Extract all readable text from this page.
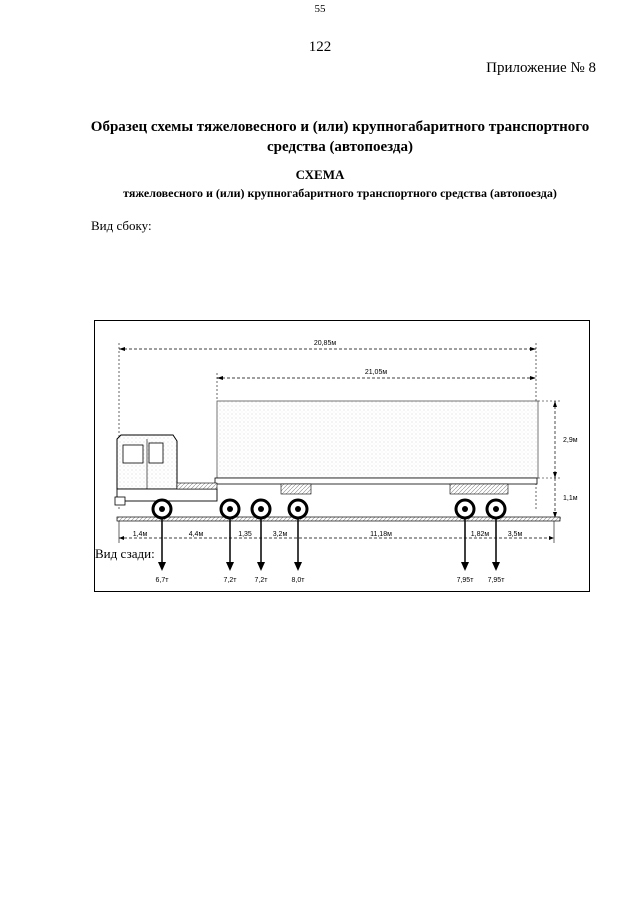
55
122
Приложение № 8
Образец схемы тяжеловесного и (или) крупногабаритного транспортного средства (автопоезда)
СХЕМА
тяжеловесного и (или) крупногабаритного транспортного средства (автопоезда)
Вид сбоку:
20,85м
21,05м
2,9м
1,1м
1,4м	4,4м	1,35	3,2м	11,18м	1,82м	3,5м
6,7т	7,2т	7,2т	8,0т	7,95т 7,95т
Вид сзади:
